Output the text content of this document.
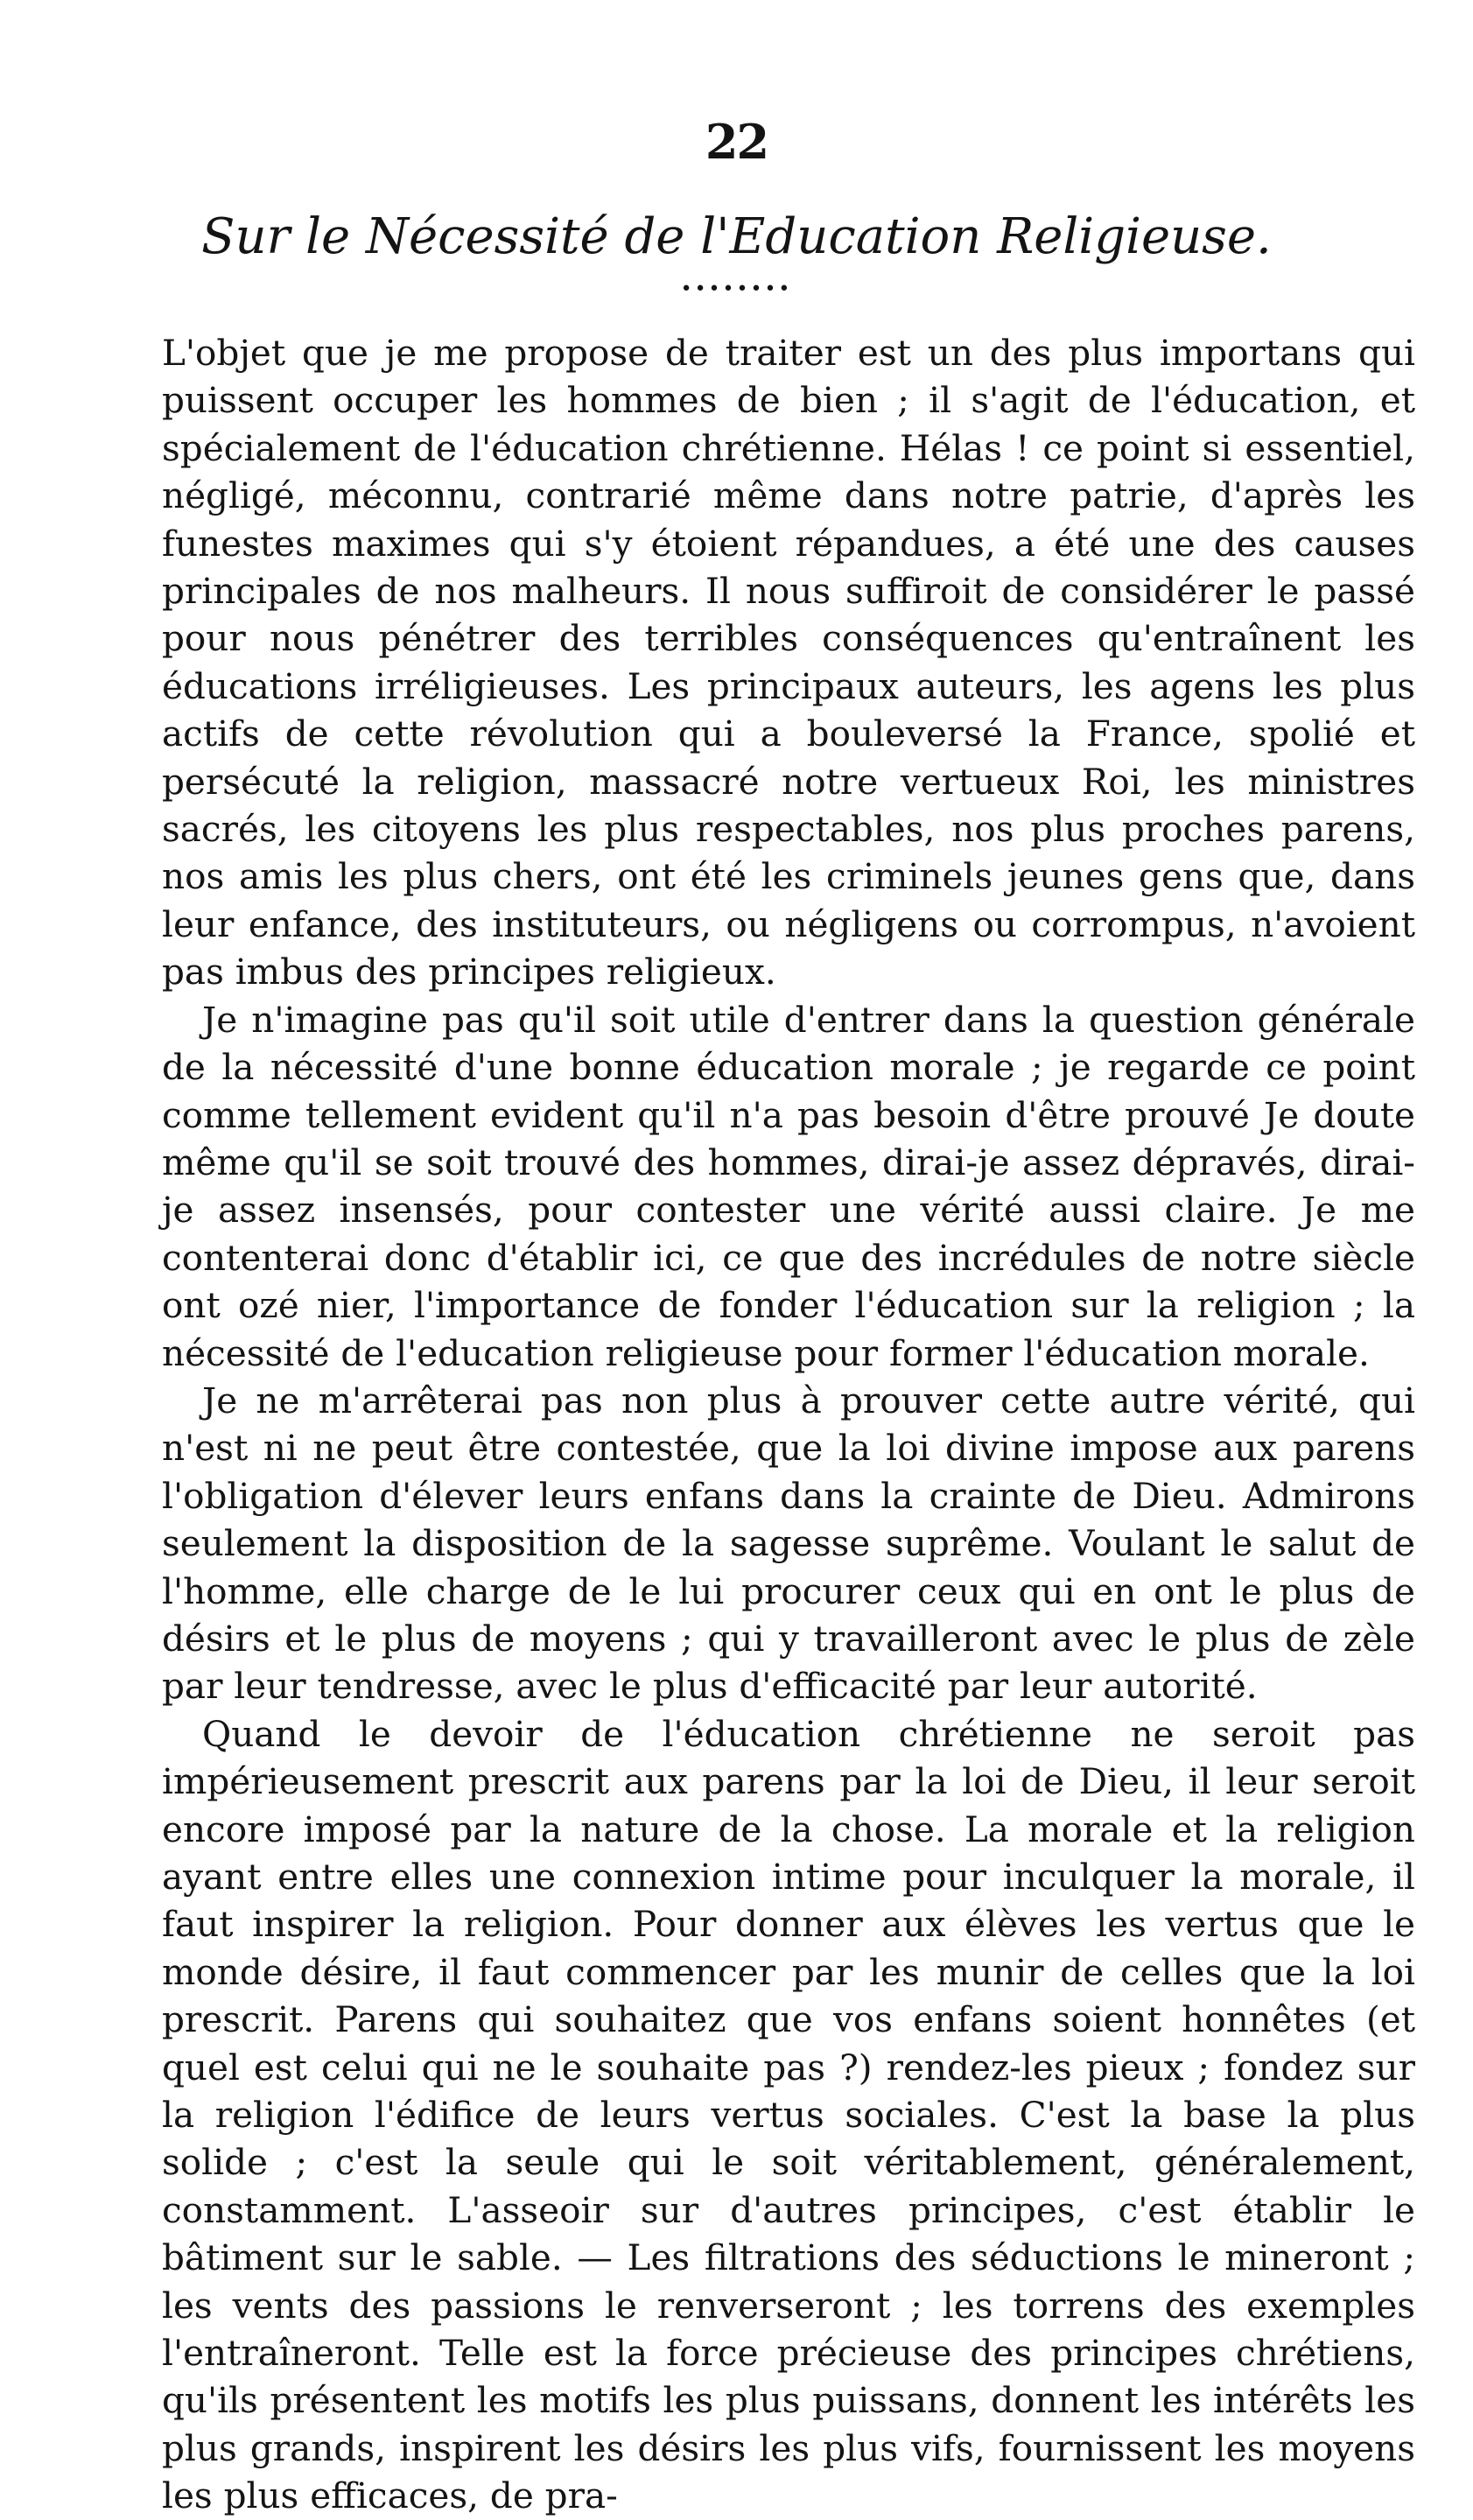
22
Sur le Nécessité de l'Education Religieuse.
••••••••

L'objet que je me propose de traiter est un des plus importans qui puissent occuper les hommes de bien ; il s'agit de l'éducation, et spécialement de l'éducation chrétienne. Hélas ! ce point si essentiel, négligé, méconnu, contrarié même dans notre patrie, d'après les funestes maximes qui s'y étoient répandues, a été une des causes principales de nos malheurs. Il nous suffiroit de considérer le passé pour nous pénétrer des terribles conséquences qu'entraînent les éducations irréligieuses. Les principaux auteurs, les agens les plus actifs de cette révolution qui a bouleversé la France, spolié et persécuté la religion, massacré notre vertueux Roi, les ministres sacrés, les citoyens les plus respectables, nos plus proches parens, nos amis les plus chers, ont été les criminels jeunes gens que, dans leur enfance, des instituteurs, ou négligens ou corrompus, n'avoient pas imbus des principes religieux.

Je n'imagine pas qu'il soit utile d'entrer dans la question générale de la nécessité d'une bonne éducation morale ; je regarde ce point comme tellement evident qu'il n'a pas besoin d'être prouvé Je doute même qu'il se soit trouvé des hommes, dirai-je assez dépravés, dirai-je assez insensés, pour contester une vérité aussi claire. Je me contenterai donc d'établir ici, ce que des incrédules de notre siècle ont ozé nier, l'importance de fonder l'éducation sur la religion ; la nécessité de l'education religieuse pour former l'éducation morale.

Je ne m'arrêterai pas non plus à prouver cette autre vérité, qui n'est ni ne peut être contestée, que la loi divine impose aux parens l'obligation d'élever leurs enfans dans la crainte de Dieu. Admirons seulement la disposition de la sagesse suprême. Voulant le salut de l'homme, elle charge de le lui procurer ceux qui en ont le plus de désirs et le plus de moyens ; qui y travailleront avec le plus de zèle par leur tendresse, avec le plus d'efficacité par leur autorité.

Quand le devoir de l'éducation chrétienne ne seroit pas impérieusement prescrit aux parens par la loi de Dieu, il leur seroit encore imposé par la nature de la chose. La morale et la religion ayant entre elles une connexion intime pour inculquer la morale, il faut inspirer la religion. Pour donner aux élèves les vertus que le monde désire, il faut commencer par les munir de celles que la loi prescrit. Parens qui souhaitez que vos enfans soient honnêtes (et quel est celui qui ne le souhaite pas ?) rendez-les pieux ; fondez sur la religion l'édifice de leurs vertus sociales. C'est la base la plus solide ; c'est la seule qui le soit véritablement, généralement, constamment. L'asseoir sur d'autres principes, c'est établir le bâtiment sur le sable. — Les filtrations des séductions le mineront ; les vents des passions le renverseront ; les torrens des exemples l'entraîneront. Telle est la force précieuse des principes chrétiens, qu'ils présentent les motifs les plus puissans, donnent les intérêts les plus grands, inspirent les désirs les plus vifs, fournissent les moyens les plus efficaces, de pra-
